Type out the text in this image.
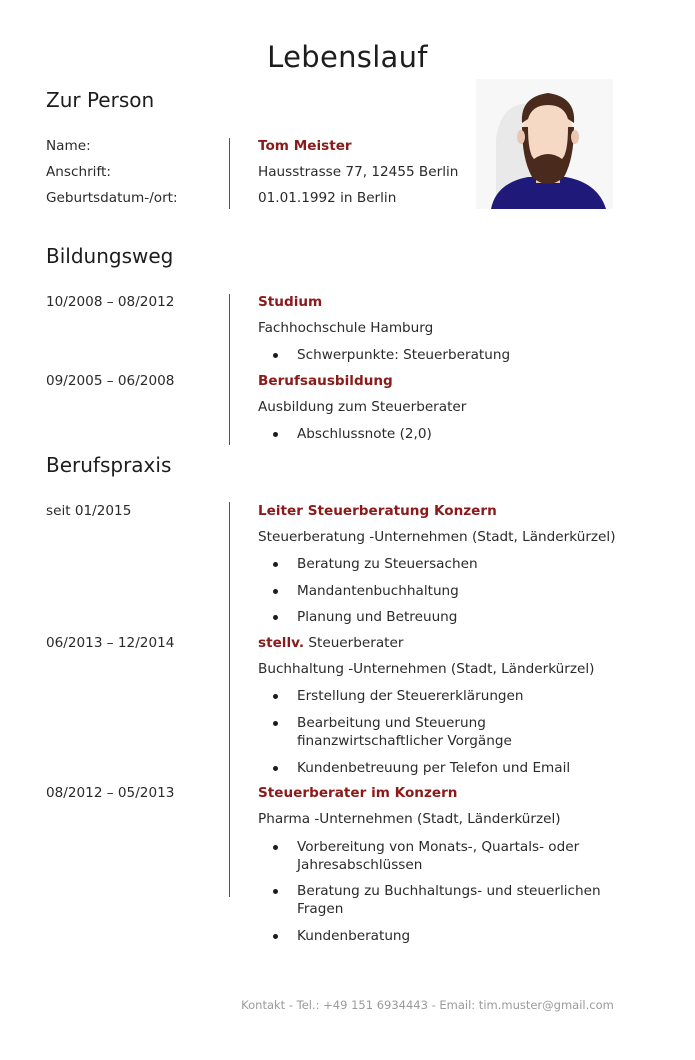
Lebenslauf
Zur Person
Name:	Tom Meister
Anschrift:	Hausstrasse 77, 12455 Berlin
Geburtsdatum-/ort:	01.01.1992 in Berlin
Bildungsweg
10/2008 – 08/2012	Studium
Fachhochschule Hamburg
Schwerpunkte: Steuerberatung
09/2005 – 06/2008	Berufsausbildung
Ausbildung zum Steuerberater
Abschlussnote (2,0)
Berufspraxis
seit 01/2015	Leiter Steuerberatung Konzern
Steuerberatung -Unternehmen (Stadt, Länderkürzel)
Beratung zu Steuersachen
Mandantenbuchhaltung
Planung und Betreuung
06/2013 – 12/2014	stellv. Steuerberater
Buchhaltung -Unternehmen (Stadt, Länderkürzel)
Erstellung der Steuererklärungen
Bearbeitung und Steuerung finanzwirtschaftlicher Vorgänge
Kundenbetreuung per Telefon und Email
08/2012 – 05/2013	Steuerberater im Konzern
Pharma -Unternehmen (Stadt, Länderkürzel)
Vorbereitung von Monats-, Quartals- oder Jahresabschlüssen
Beratung zu Buchhaltungs- und steuerlichen Fragen
Kundenberatung
Kontakt - Tel.: +49 151 6934443 - Email: tim.muster@gmail.com
